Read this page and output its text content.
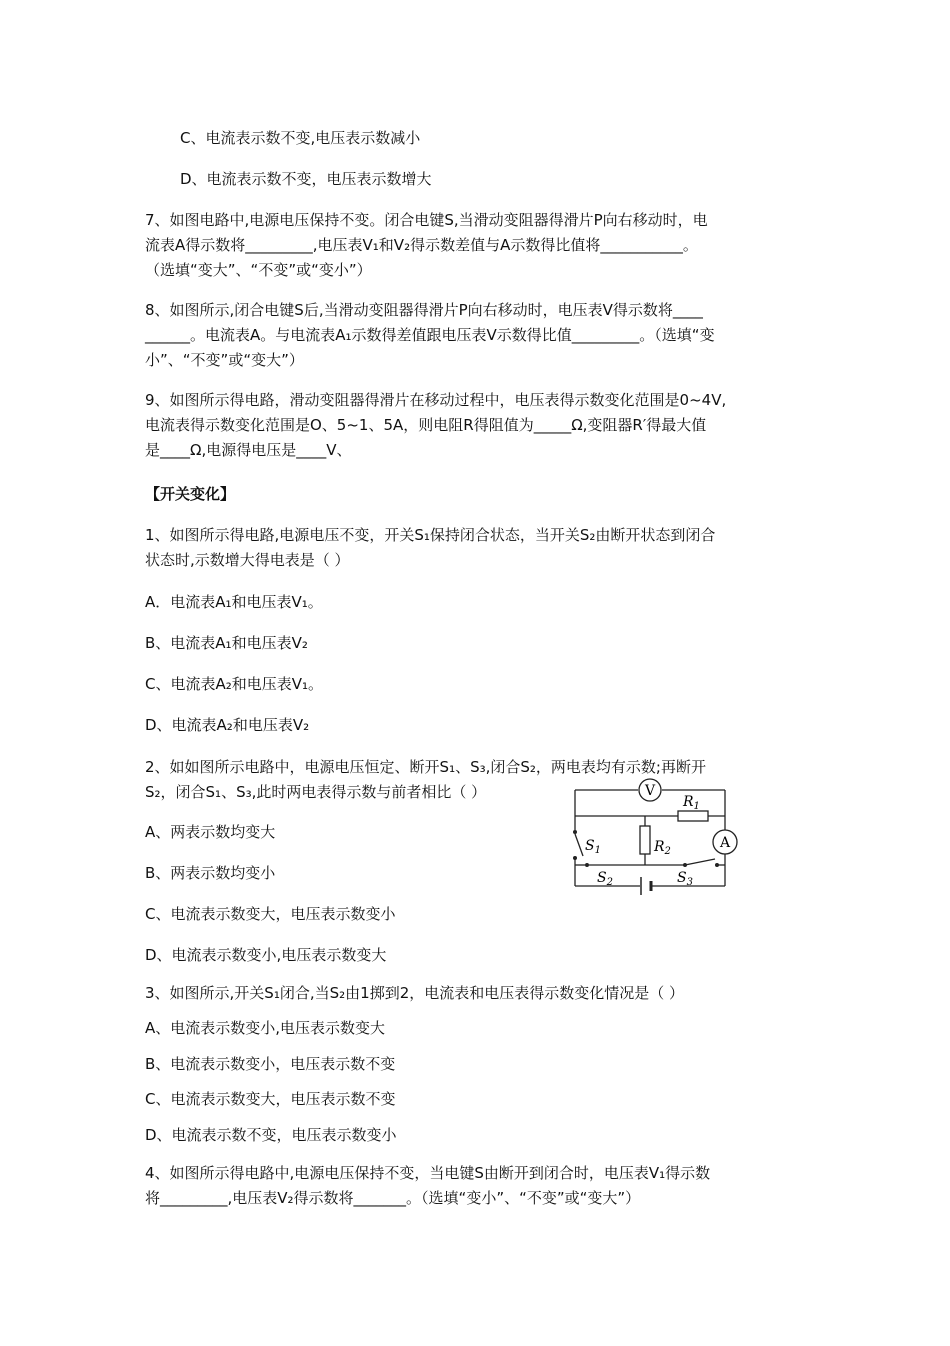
C、电流表示数不变,电压表示数减小
D、电流表示数不变，电压表示数增大
7、如图电路中,电源电压保持不变。闭合电键S,当滑动变阻器得滑片P向右移动时，电
流表A得示数将_________,电压表V₁和V₂得示数差值与A示数得比值将___________。
（选填“变大”、“不变”或“变小”）
8、如图所示,闭合电键S后,当滑动变阻器得滑片P向右移动时，电压表V得示数将____
______。电流表A。与电流表A₁示数得差值跟电压表V示数得比值_________。（选填“变
小”、“不变”或“变大”）
9、如图所示得电路，滑动变阻器得滑片在移动过程中，电压表得示数变化范围是0~4V,
电流表得示数变化范围是O、5~1、5A，则电阻R得阻值为_____Ω,变阻器R′得最大值
是____Ω,电源得电压是____V、
【开关变化】
1、如图所示得电路,电源电压不变，开关S₁保持闭合状态，当开关S₂由断开状态到闭合
状态时,示数增大得电表是（ ）
A．电流表A₁和电压表V₁。
B、电流表A₁和电压表V₂
C、电流表A₂和电压表V₁。
D、电流表A₂和电压表V₂
2、如如图所示电路中，电源电压恒定、断开S₁、S₃,闭合S₂，两电表均有示数;再断开
S₂，闭合S₁、S₃,此时两电表得示数与前者相比（ ）
A、两表示数均变大
B、两表示数均变小
C、电流表示数变大，电压表示数变小
D、电流表示数变小,电压表示数变大
3、如图所示,开关S₁闭合,当S₂由1掷到2，电流表和电压表得示数变化情况是（ ）
A、电流表示数变小,电压表示数变大
B、电流表示数变小，电压表示数不变
C、电流表示数变大，电压表示数不变
D、电流表示数不变，电压表示数变小
4、如图所示得电路中,电源电压保持不变，当电键S由断开到闭合时，电压表V₁得示数
将_________,电压表V₂得示数将_______。（选填“变小”、“不变”或“变大”）
V
A
$R_1$
$R_2$
$S_1$
$S_2$	$S_3$
